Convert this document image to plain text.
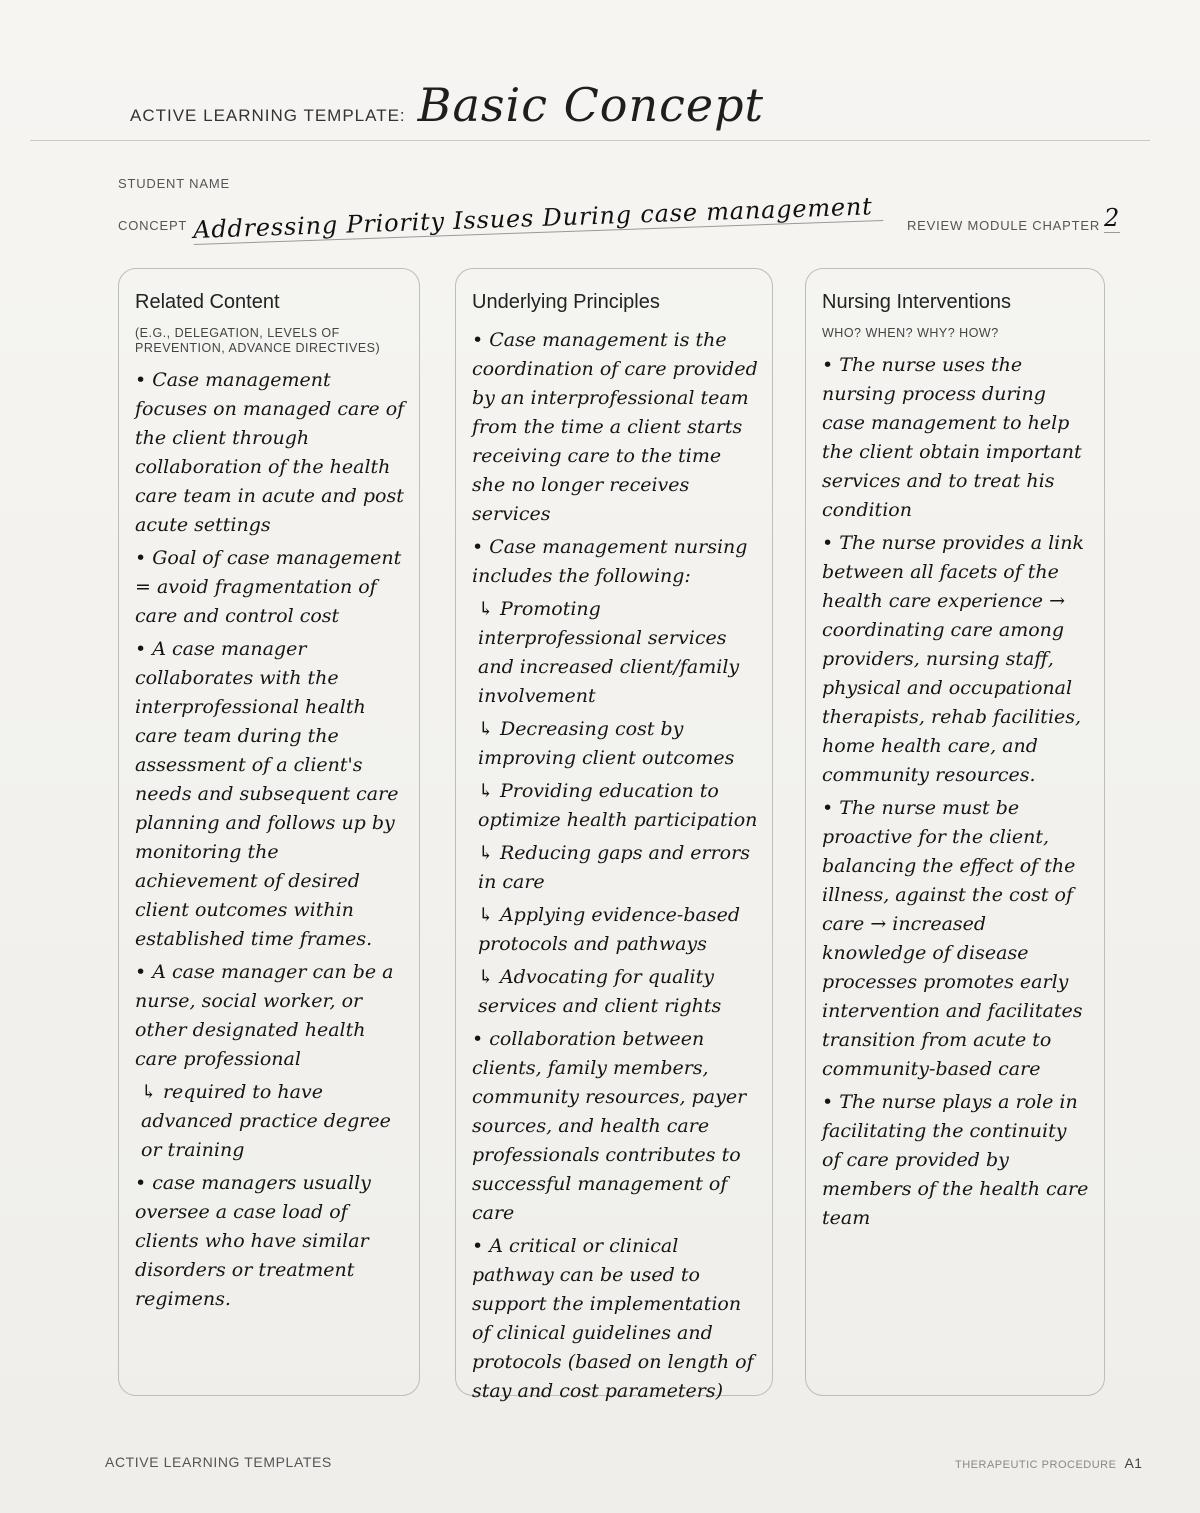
ACTIVE LEARNING TEMPLATE: Basic Concept
STUDENT NAME
CONCEPT Addressing Priority Issues During case management	REVIEW MODULE CHAPTER 2
Related Content
(E.G., DELEGATION, LEVELS OF PREVENTION, ADVANCE DIRECTIVES)

• Case management focuses on managed care of the client through collaboration of the health care team in acute and post acute settings

• Goal of case management = avoid fragmentation of care and control cost

• A case manager collaborates with the interprofessional health care team during the assessment of a client's needs and subsequent care planning and follows up by monitoring the achievement of desired client outcomes within established time frames.

• A case manager can be a nurse, social worker, or other designated health care professional

↳ required to have advanced practice degree or training

• case managers usually oversee a case load of clients who have similar disorders or treatment regimens.

Underlying Principles

• Case management is the coordination of care provided by an interprofessional team from the time a client starts receiving care to the time she no longer receives services

• Case management nursing includes the following:

↳ Promoting interprofessional services and increased client/family involvement

↳ Decreasing cost by improving client outcomes

↳ Providing education to optimize health participation

↳ Reducing gaps and errors in care

↳ Applying evidence-based protocols and pathways

↳ Advocating for quality services and client rights

• collaboration between clients, family members, community resources, payer sources, and health care professionals contributes to successful management of care

• A critical or clinical pathway can be used to support the implementation of clinical guidelines and protocols (based on length of stay and cost parameters)

Nursing Interventions
WHO? WHEN? WHY? HOW?

• The nurse uses the nursing process during case management to help the client obtain important services and to treat his condition

• The nurse provides a link between all facets of the health care experience → coordinating care among providers, nursing staff, physical and occupational therapists, rehab facilities, home health care, and community resources.

• The nurse must be proactive for the client, balancing the effect of the illness, against the cost of care → increased knowledge of disease processes promotes early intervention and facilitates transition from acute to community-based care

• The nurse plays a role in facilitating the continuity of care provided by members of the health care team

ACTIVE LEARNING TEMPLATES	THERAPEUTIC PROCEDURE A1
